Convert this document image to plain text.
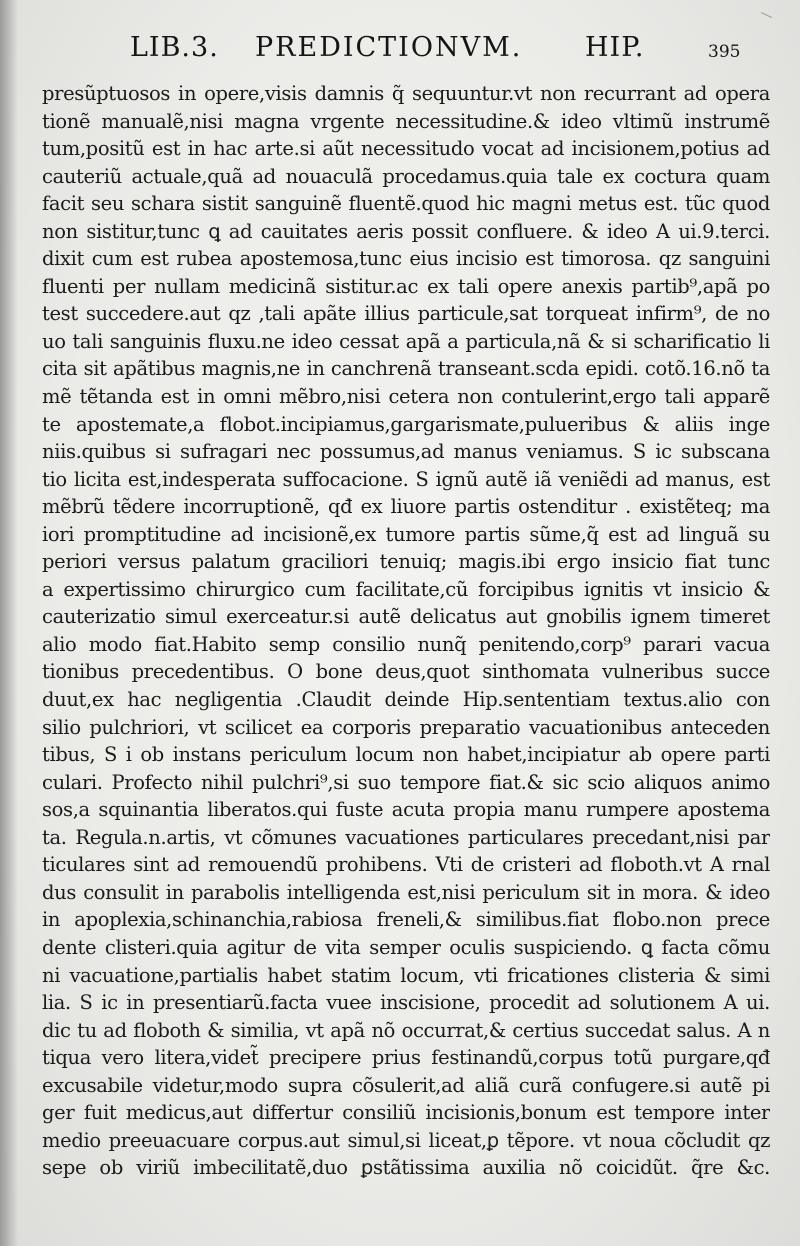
LIB.3. PREDICTIONVM. HIP.	395
presũptuosos in opere,visis damnis q̃ sequuntur.vt non recurrant ad opera
tionẽ manualẽ,nisi magna vrgente necessitudine.& ideo vltimũ instrumẽ
tum,positũ est in hac arte.si aũt necessitudo vocat ad incisionem,potius ad
cauteriũ actuale,quã ad nouaculã procedamus.quia tale ex coctura quam
facit seu schara sistit sanguinẽ fluentẽ.quod hic magni metus est. tũc quod
non sistitur,tunc ꝗ ad cauitates aeris possit confluere. & ideo A ui.9.terci.
dixit cum est rubea apostemosa,tunc eius incisio est timorosa. qz sanguini
fluenti per nullam medicinã sistitur.ac ex tali opere anexis partib⁹,apã po
test succedere.aut qz ,tali apãte illius particule,sat torqueat infirm⁹, de no
uo tali sanguinis fluxu.ne ideo cessat apã a particula,nã & si scharificatio li
cita sit apãtibus magnis,ne in canchrenã transeant.scda epidi. cotõ.16.nõ ta
mẽ tẽtanda est in omni mẽbro,nisi cetera non contulerint,ergo tali apparẽ
te apostemate,a flobot.incipiamus,gargarismate,pulueribus & aliis inge
niis.quibus si sufragari nec possumus,ad manus veniamus. S ic subscana
tio licita est,indesperata suffocacione. S ignũ autẽ iã veniẽdi ad manus, est
mẽbrũ tẽdere incorruptionẽ, qđ ex liuore partis ostenditur . existẽteq; ma
iori promptitudine ad incisionẽ,ex tumore partis sũme,q̃ est ad linguã su
periori versus palatum graciliori tenuiq; magis.ibi ergo insicio fiat tunc
a expertissimo chirurgico cum facilitate,cũ forcipibus ignitis vt insicio &
cauterizatio simul exerceatur.si autẽ delicatus aut gnobilis ignem timeret
alio modo fiat.Habito semp consilio nunq̃ penitendo,corp⁹ parari vacua
tionibus precedentibus. O bone deus,quot sinthomata vulneribus succe
duut,ex hac negligentia .Claudit deinde Hip.sententiam textus.alio con
silio pulchriori, vt scilicet ea corporis preparatio vacuationibus anteceden
tibus, S i ob instans periculum locum non habet,incipiatur ab opere parti
culari. Profecto nihil pulchri⁹,si suo tempore fiat.& sic scio aliquos animo
sos,a squinantia liberatos.qui fuste acuta propia manu rumpere apostema
ta. Regula.n.artis, vt cõmunes vacuationes particulares precedant,nisi par
ticulares sint ad remouendũ prohibens. Vti de cristeri ad floboth.vt A rnal
dus consulit in parabolis intelligenda est,nisi periculum sit in mora. & ideo
in apoplexia,schinanchia,rabiosa freneli,& similibus.fiat flobo.non prece
dente clisteri.quia agitur de vita semper oculis suspiciendo. ꝗ facta cõmu
ni vacuatione,partialis habet statim locum, vti fricationes clisteria & simi
lia. S ic in presentiarũ.facta vuee inscisione, procedit ad solutionem A ui.
dic tu ad floboth & similia, vt apã nõ occurrat,& certius succedat salus. A n
tiqua vero litera,videt̃ precipere prius festinandũ,corpus totũ purgare,qđ
excusabile videtur,modo supra cõsulerit,ad aliã curã confugere.si autẽ pi
ger fuit medicus,aut differtur consiliũ incisionis,bonum est tempore inter
medio preeuacuare corpus.aut simul,si liceat,ꝑ tẽpore. vt noua cõcludit qz
sepe ob viriũ imbecilitatẽ,duo ꝑstãtissima auxilia nõ coicidũt. q̃re &c.
